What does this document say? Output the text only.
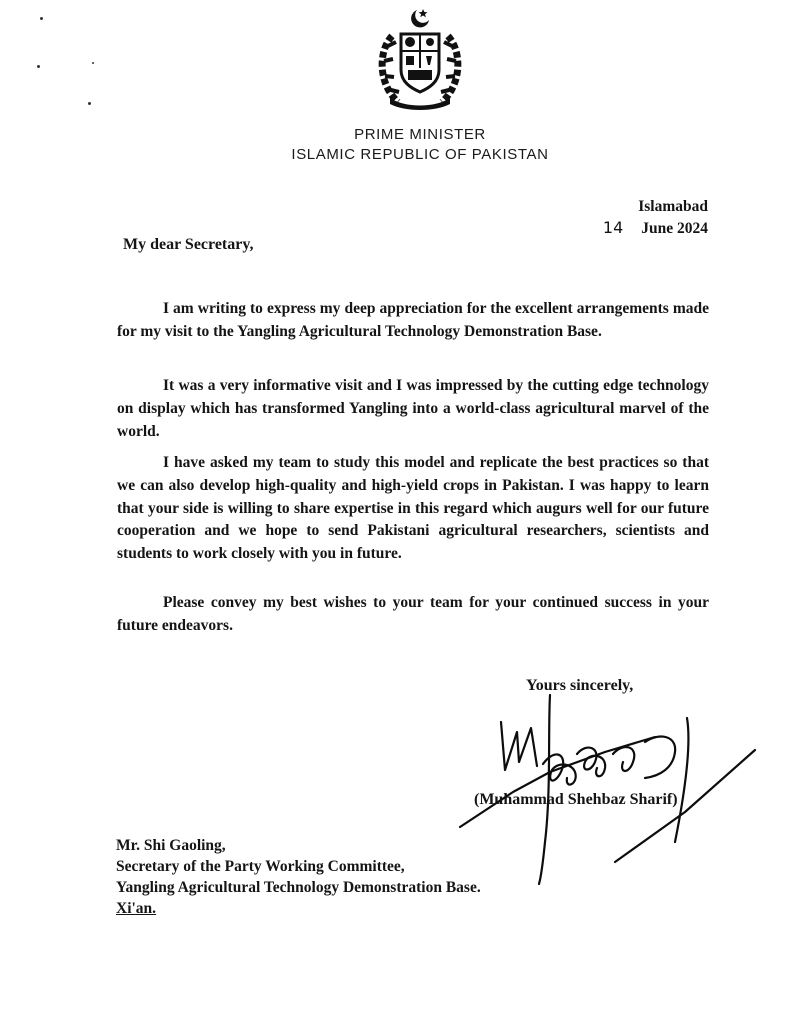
PRIME MINISTER
ISLAMIC REPUBLIC OF PAKISTAN
Islamabad
14 June 2024
My dear Secretary,

I am writing to express my deep appreciation for the excellent arrangements made for my visit to the Yangling Agricultural Technology Demonstration Base.

It was a very informative visit and I was impressed by the cutting edge technology on display which has transformed Yangling into a world-class agricultural marvel of the world.

I have asked my team to study this model and replicate the best practices so that we can also develop high-quality and high-yield crops in Pakistan. I was happy to learn that your side is willing to share expertise in this regard which augurs well for our future cooperation and we hope to send Pakistani agricultural researchers, scientists and students to work closely with you in future.

Please convey my best wishes to your team for your continued success in your future endeavors.

Yours sincerely,
(Muhammad Shehbaz Sharif)
Mr. Shi Gaoling,
Secretary of the Party Working Committee,
Yangling Agricultural Technology Demonstration Base.
Xi'an.
